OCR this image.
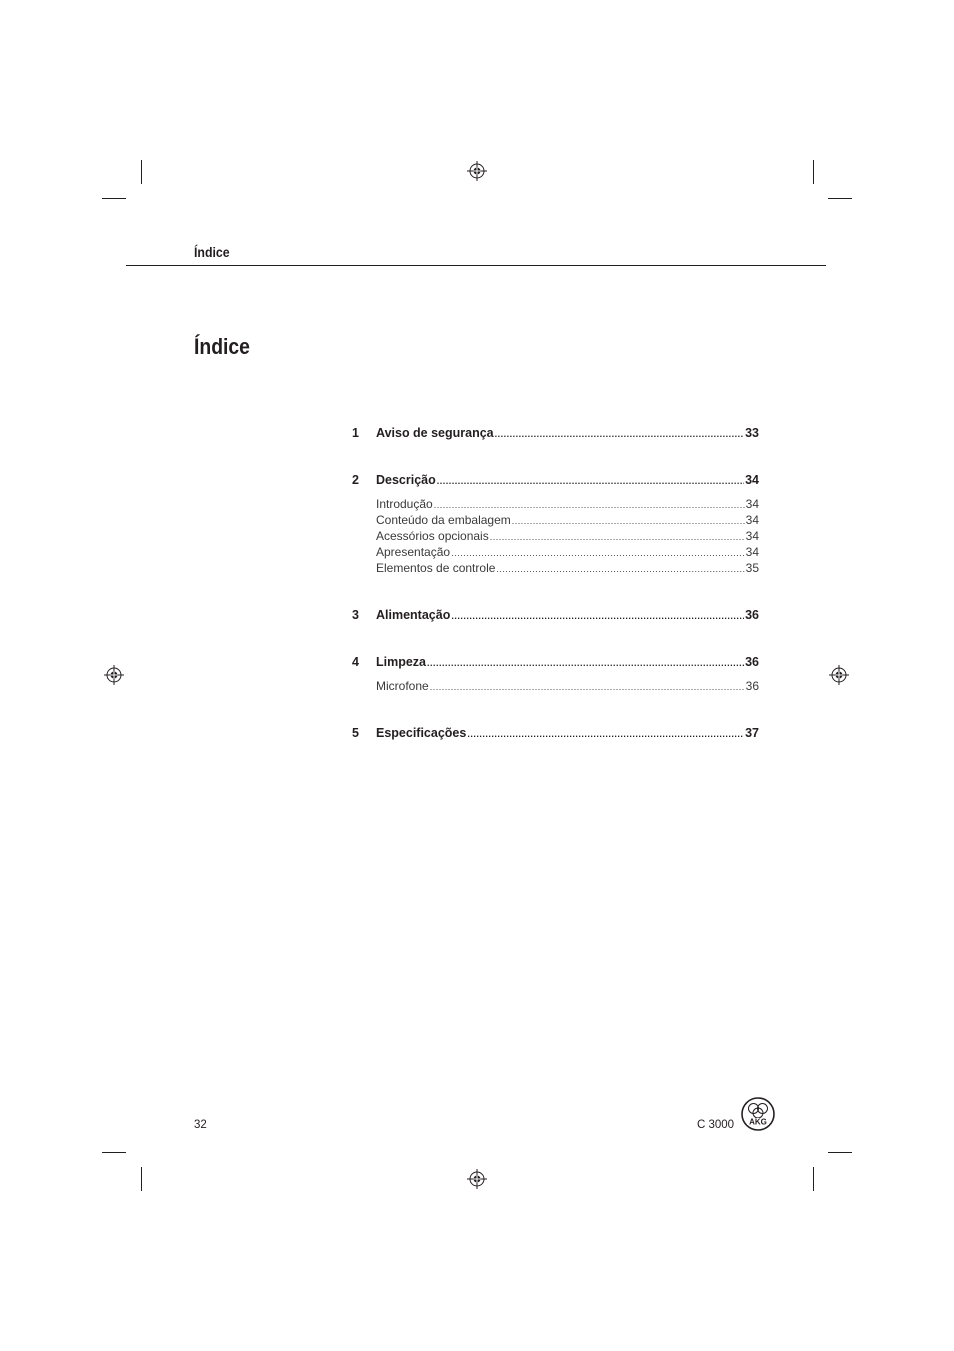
Índice
Índice
1	Aviso de segurança .....	33
2	Descrição .....	34
Introdução .....	34
Conteúdo da embalagem .....	34
Acessórios opcionais .....	34
Apresentação .....	34
Elementos de controle .....	35
3	Alimentação .....	36
4	Limpeza .....	36
Microfone .....	36
5	Especificações .....	37
32	C 3000 AKG
